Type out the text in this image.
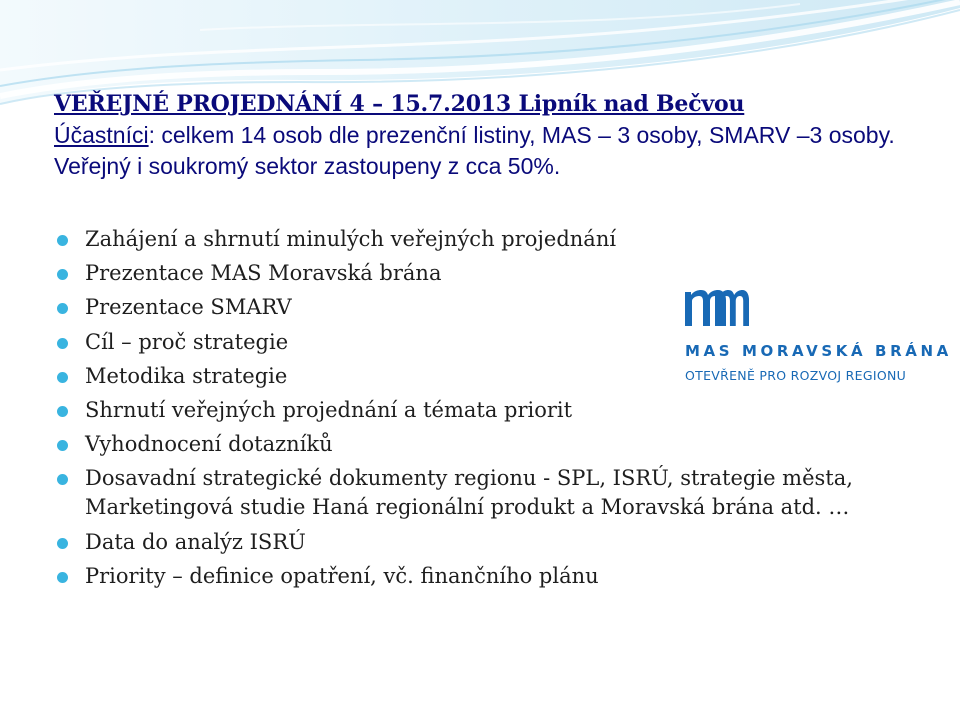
VEŘEJNÉ PROJEDNÁNÍ 4 – 15.7.2013 Lipník nad Bečvou

Účastníci: celkem 14 osob dle prezenční listiny, MAS – 3 osoby, SMARV –3 osoby. Veřejný i soukromý sektor zastoupeny z cca 50%.

Zahájení a shrnutí minulých veřejných projednání
Prezentace MAS Moravská brána
Prezentace SMARV
Cíl – proč strategie
Metodika strategie
Shrnutí veřejných projednání a témata priorit
Vyhodnocení dotazníků
Dosavadní strategické dokumenty regionu - SPL, ISRÚ, strategie města, Marketingová studie Haná regionální produkt a Moravská brána atd. …
Data do analýz ISRÚ
Priority – definice opatření, vč. finančního plánu
MAS MORAVSKÁ BRÁNA
OTEVŘENĚ PRO ROZVOJ REGIONU
